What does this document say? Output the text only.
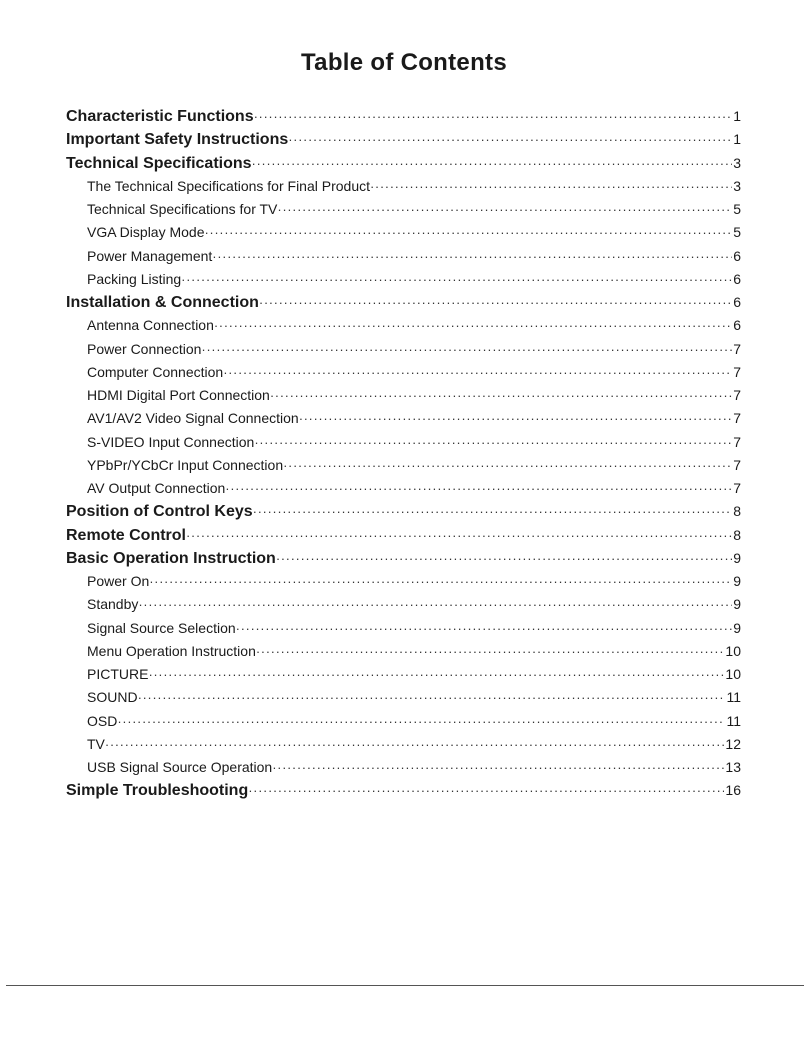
Table of Contents
Characteristic Functions ·····	1
Important Safety Instructions ·····	1
Technical Specifications ·····	3
The Technical Specifications for Final Product ·····	3
Technical Specifications for TV ·····	5
VGA Display Mode ·····	5
Power Management ·····	6
Packing Listing ·····	6
Installation & Connection ·····	6
Antenna Connection ·····	6
Power Connection ·····	7
Computer Connection ·····	7
HDMI Digital Port Connection ·····	7
AV1/AV2 Video Signal Connection ·····	7
S-VIDEO Input Connection ·····	7
YPbPr/YCbCr Input Connection ·····	7
AV Output Connection ·····	7
Position of Control Keys ·····	8
Remote Control ·····	8
Basic Operation Instruction ·····	9
Power On ·····	9
Standby ·····	9
Signal Source Selection ·····	9
Menu Operation Instruction ·····	10
PICTURE ·····	10
SOUND ·····	11
OSD ·····	11
TV ·····	12
USB Signal Source Operation ·····	13
Simple Troubleshooting ·····	16
